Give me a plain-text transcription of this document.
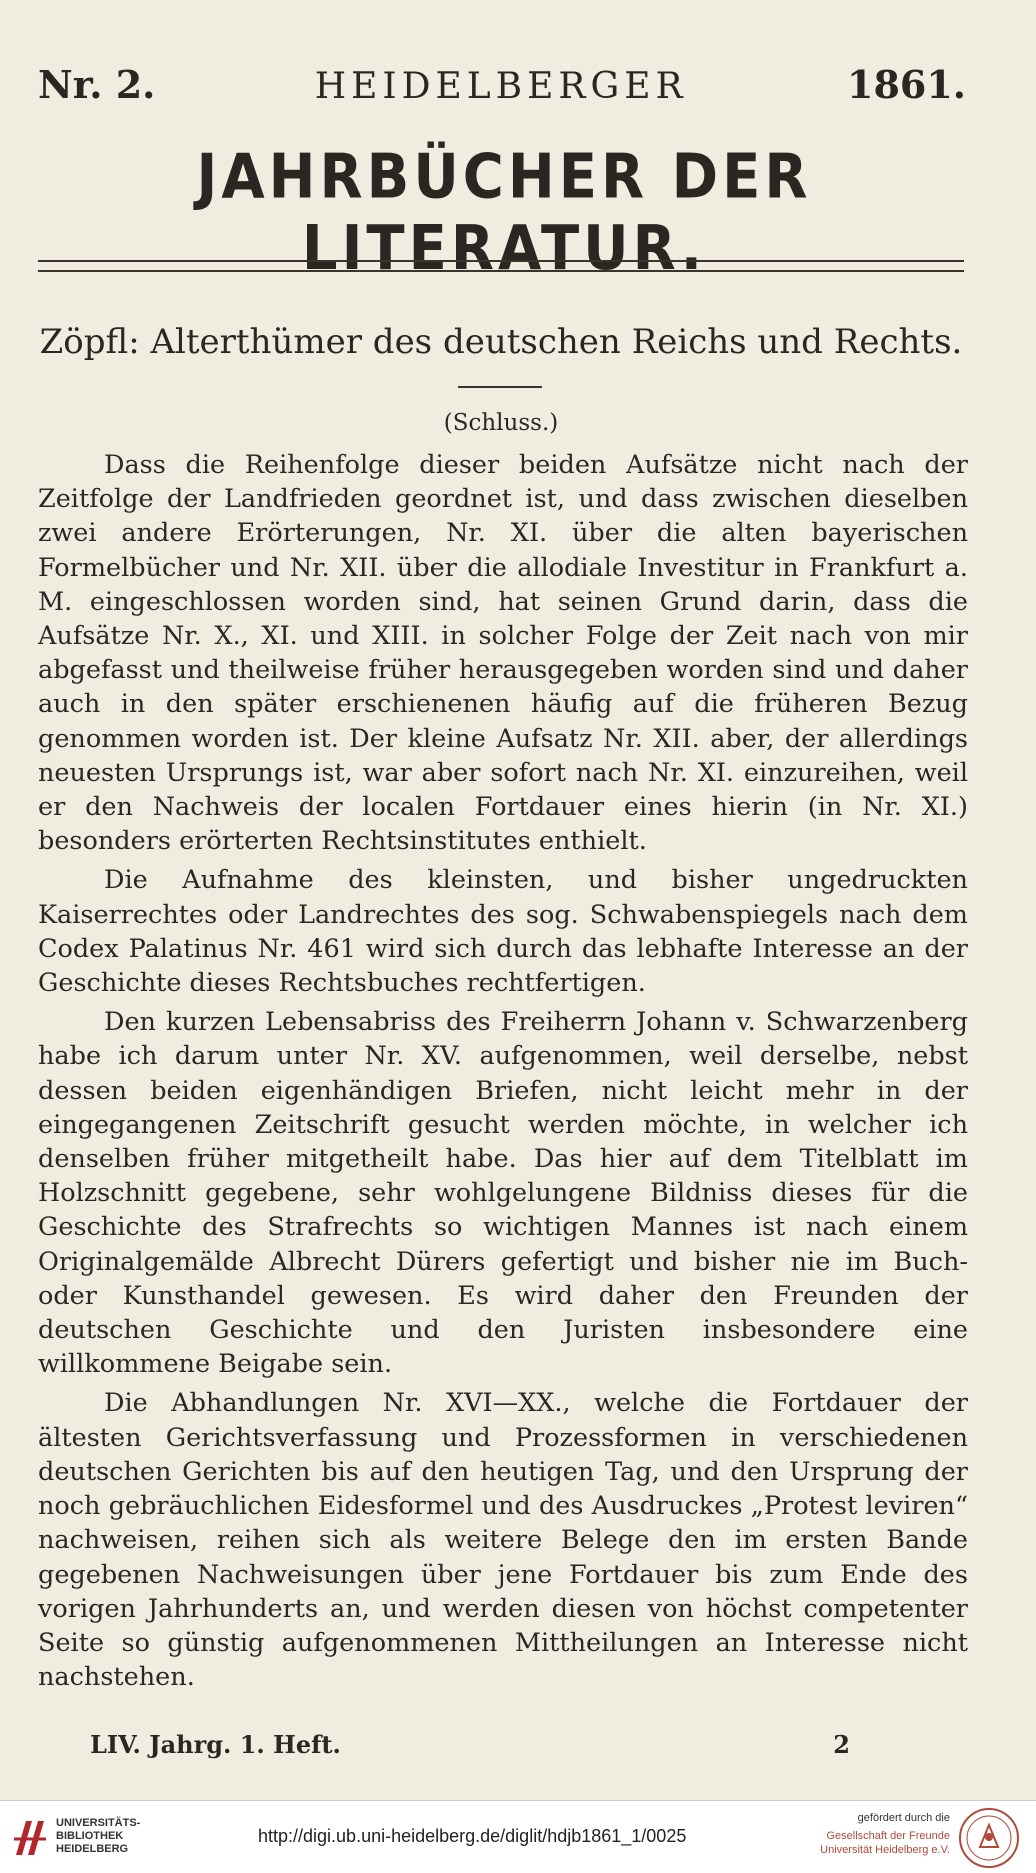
Nr. 2.	HEIDELBERGER	1861.
JAHRBÜCHER DER LITERATUR.
Zöpfl: Alterthümer des deutschen Reichs und Rechts.
(Schluss.)

Dass die Reihenfolge dieser beiden Aufsätze nicht nach der Zeitfolge der Landfrieden geordnet ist, und dass zwischen dieselben zwei andere Erörterungen, Nr. XI. über die alten bayerischen Formelbücher und Nr. XII. über die allodiale Investitur in Frankfurt a. M. eingeschlossen worden sind, hat seinen Grund darin, dass die Aufsätze Nr. X., XI. und XIII. in solcher Folge der Zeit nach von mir abgefasst und theilweise früher herausgegeben worden sind und daher auch in den später erschienenen häufig auf die früheren Bezug genommen worden ist. Der kleine Aufsatz Nr. XII. aber, der allerdings neuesten Ursprungs ist, war aber sofort nach Nr. XI. einzureihen, weil er den Nachweis der localen Fortdauer eines hierin (in Nr. XI.) besonders erörterten Rechtsinstitutes enthielt.

Die Aufnahme des kleinsten, und bisher ungedruckten Kaiserrechtes oder Landrechtes des sog. Schwabenspiegels nach dem Codex Palatinus Nr. 461 wird sich durch das lebhafte Interesse an der Geschichte dieses Rechtsbuches rechtfertigen.

Den kurzen Lebensabriss des Freiherrn Johann v. Schwarzenberg habe ich darum unter Nr. XV. aufgenommen, weil derselbe, nebst dessen beiden eigenhändigen Briefen, nicht leicht mehr in der eingegangenen Zeitschrift gesucht werden möchte, in welcher ich denselben früher mitgetheilt habe. Das hier auf dem Titelblatt im Holzschnitt gegebene, sehr wohlgelungene Bildniss dieses für die Geschichte des Strafrechts so wichtigen Mannes ist nach einem Originalgemälde Albrecht Dürers gefertigt und bisher nie im Buch- oder Kunsthandel gewesen. Es wird daher den Freunden der deutschen Geschichte und den Juristen insbesondere eine willkommene Beigabe sein.

Die Abhandlungen Nr. XVI—XX., welche die Fortdauer der ältesten Gerichtsverfassung und Prozessformen in verschiedenen deutschen Gerichten bis auf den heutigen Tag, und den Ursprung der noch gebräuchlichen Eidesformel und des Ausdruckes „Protest leviren“ nachweisen, reihen sich als weitere Belege den im ersten Bande gegebenen Nachweisungen über jene Fortdauer bis zum Ende des vorigen Jahrhunderts an, und werden diesen von höchst competenter Seite so günstig aufgenommenen Mittheilungen an Interesse nicht nachstehen.

LIV. Jahrg. 1. Heft.	2
UNIVERSITÄTS-
BIBLIOTHEK
HEIDELBERG
http://digi.ub.uni-heidelberg.de/diglit/hdjb1861_1/0025
gefördert durch die
Gesellschaft der Freunde
Universität Heidelberg e.V.
